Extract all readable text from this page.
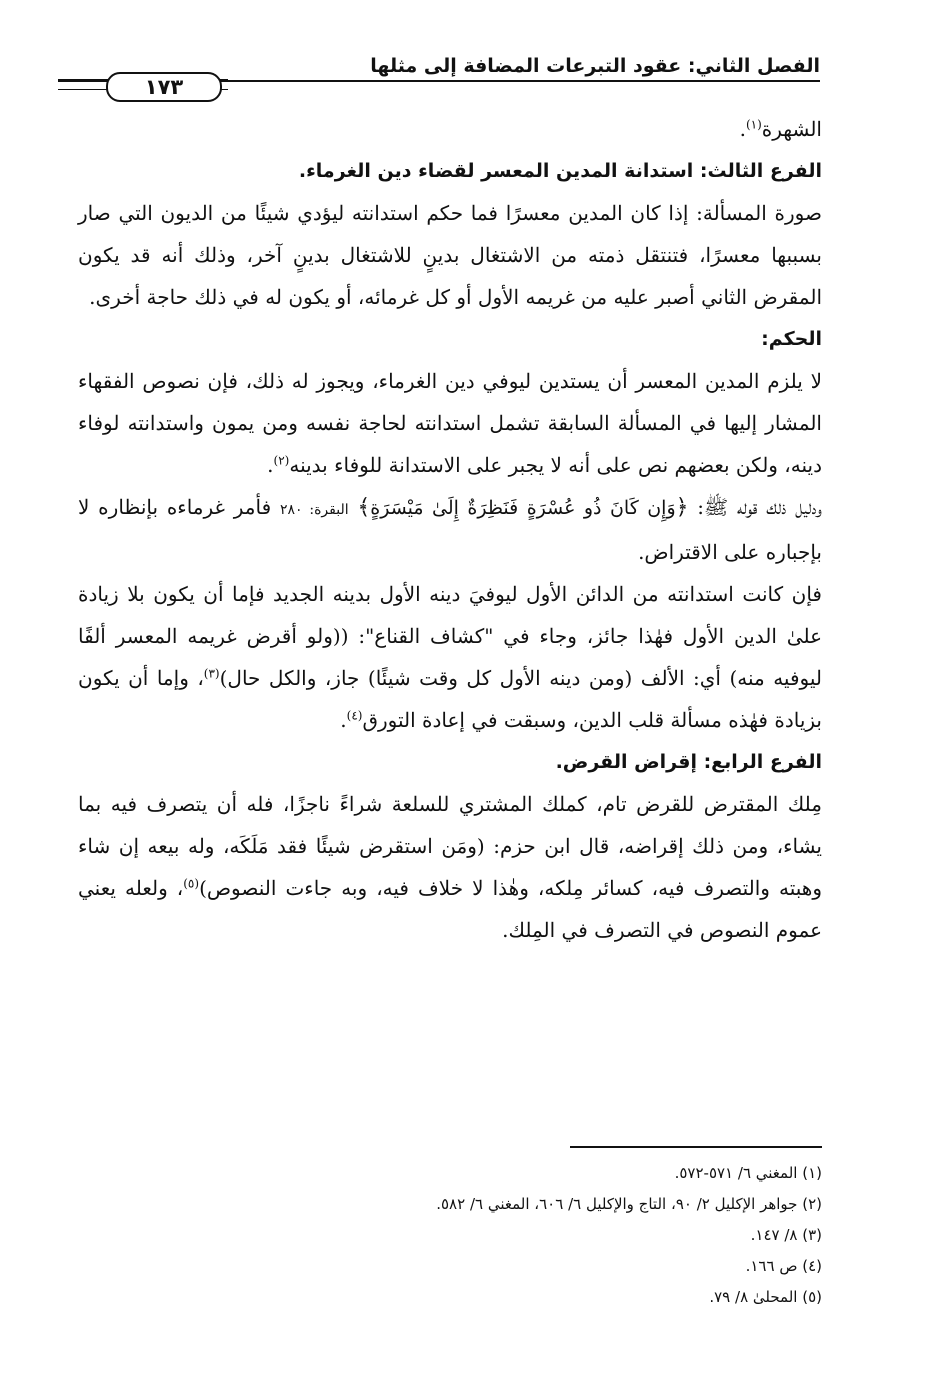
الفصل الثاني: عقود التبرعات المضافة إلى مثلها
١٧٣

الشهرة$^{(١)}$.

الفرع الثالث: استدانة المدين المعسر لقضاء دين الغرماء.

صورة المسألة: إذا كان المدين معسرًا فما حكم استدانته ليؤدي شيئًا من الديون التي صار بسببها معسرًا، فتنتقل ذمته من الاشتغال بدينٍ للاشتغال بدينٍ آخر، وذلك أنه قد يكون المقرض الثاني أصبر عليه من غريمه الأول أو كل غرمائه، أو يكون له في ذلك حاجة أخرى.

الحكم:

لا يلزم المدين المعسر أن يستدين ليوفي دين الغرماء، ويجوز له ذلك، فإن نصوص الفقهاء المشار إليها في المسألة السابقة تشمل استدانته لحاجة نفسه ومن يمون واستدانته لوفاء دينه، ولكن بعضهم نص على أنه لا يجبر على الاستدانة للوفاء بدينه$^{(٢)}$.

ودليل ذلك قوله ﷺ: ﴿وَإِن كَانَ ذُو عُسْرَةٍ فَنَظِرَةٌ إِلَىٰ مَيْسَرَةٍ﴾ البقرة: ٢٨٠ فأمر غرماءه بإنظاره لا بإجباره على الاقتراض.

فإن كانت استدانته من الدائن الأول ليوفيَ دينه الأول بدينه الجديد فإما أن يكون بلا زيادة علىٰ الدين الأول فهٰذا جائز، وجاء في "كشاف القناع": ((ولو أقرض غريمه المعسر ألفًا ليوفيه منه) أي: الألف (ومن دينه الأول كل وقت شيئًا) جاز، والكل حال)$^{(٣)}$، وإما أن يكون بزيادة فهٰذه مسألة قلب الدين، وسبقت في إعادة التورق$^{(٤)}$.

الفرع الرابع: إقراض القرض.

مِلك المقترض للقرض تام، كملك المشتري للسلعة شراءً ناجزًا، فله أن يتصرف فيه بما يشاء، ومن ذلك إقراضه، قال ابن حزم: (ومَن استقرض شيئًا فقد مَلَكَه، وله بيعه إن شاء وهبته والتصرف فيه، كسائر مِلكه، وهٰذا لا خلاف فيه، وبه جاءت النصوص)$^{(٥)}$، ولعله يعني عموم النصوص في التصرف في المِلك.

(١) المغني ٦/ ٥٧١-٥٧٢.
(٢) جواهر الإكليل ٢/ ٩٠، التاج والإكليل ٦/ ٦٠٦، المغني ٦/ ٥٨٢.
(٣) ٨/ ١٤٧.
(٤) ص ١٦٦.
(٥) المحلىٰ ٨/ ٧٩.
